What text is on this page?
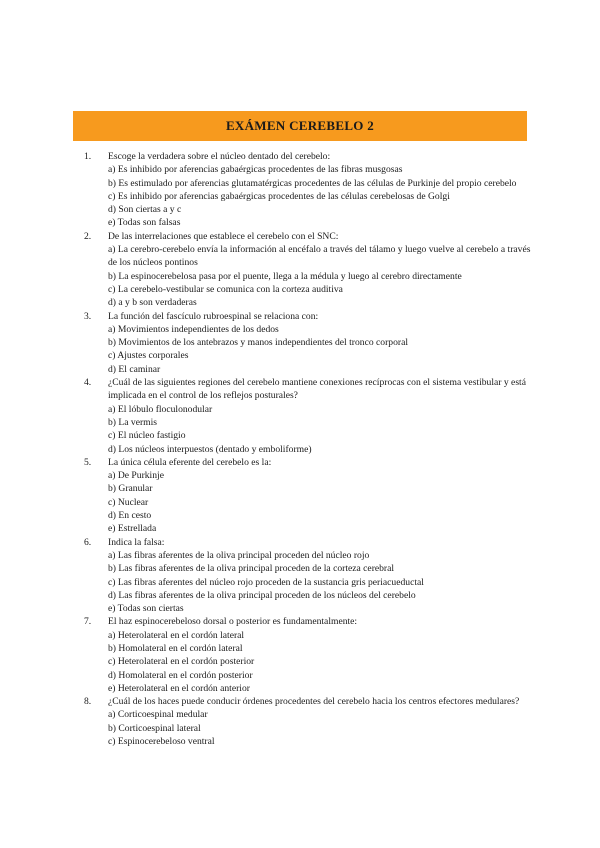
EXÁMEN CEREBELO 2
1.	Escoge la verdadera sobre el núcleo dentado del cerebelo:
a) Es inhibido por aferencias gabaérgicas procedentes de las fibras musgosas
b) Es estimulado por aferencias glutamatérgicas procedentes de las células de Purkinje del propio cerebelo
c) Es inhibido por aferencias gabaérgicas procedentes de las células cerebelosas de Golgi
d) Son ciertas a y c
e) Todas son falsas
2.	De las interrelaciones que establece el cerebelo con el SNC:
a) La cerebro-cerebelo envía la información al encéfalo a través del tálamo y luego vuelve al cerebelo a través de los núcleos pontinos
b) La espinocerebelosa pasa por el puente, llega a la médula y luego al cerebro directamente
c) La cerebelo-vestibular se comunica con la corteza auditiva
d) a y b son verdaderas
3.	La función del fascículo rubroespinal se relaciona con:
a) Movimientos independientes de los dedos
b) Movimientos de los antebrazos y manos independientes del tronco corporal
c) Ajustes corporales
d) El caminar
4.	¿Cuál de las siguientes regiones del cerebelo mantiene conexiones recíprocas con el sistema vestibular y está implicada en el control de los reflejos posturales?
a) El lóbulo floculonodular
b) La vermis
c) El núcleo fastigio
d) Los núcleos interpuestos (dentado y emboliforme)
5.	La única célula eferente del cerebelo es la:
a) De Purkinje
b) Granular
c) Nuclear
d) En cesto
e) Estrellada
6.	Indica la falsa:
a) Las fibras aferentes de la oliva principal proceden del núcleo rojo
b) Las fibras aferentes de la oliva principal proceden de la corteza cerebral
c) Las fibras aferentes del núcleo rojo proceden de la sustancia gris periacueductal
d) Las fibras aferentes de la oliva principal proceden de los núcleos del cerebelo
e) Todas son ciertas
7.	El haz espinocerebeloso dorsal o posterior es fundamentalmente:
a) Heterolateral en el cordón lateral
b) Homolateral en el cordón lateral
c) Heterolateral en el cordón posterior
d) Homolateral en el cordón posterior
e) Heterolateral en el cordón anterior
8.	¿Cuál de los haces puede conducir órdenes procedentes del cerebelo hacia los centros efectores medulares?
a) Corticoespinal medular
b) Corticoespinal lateral
c) Espinocerebeloso ventral
